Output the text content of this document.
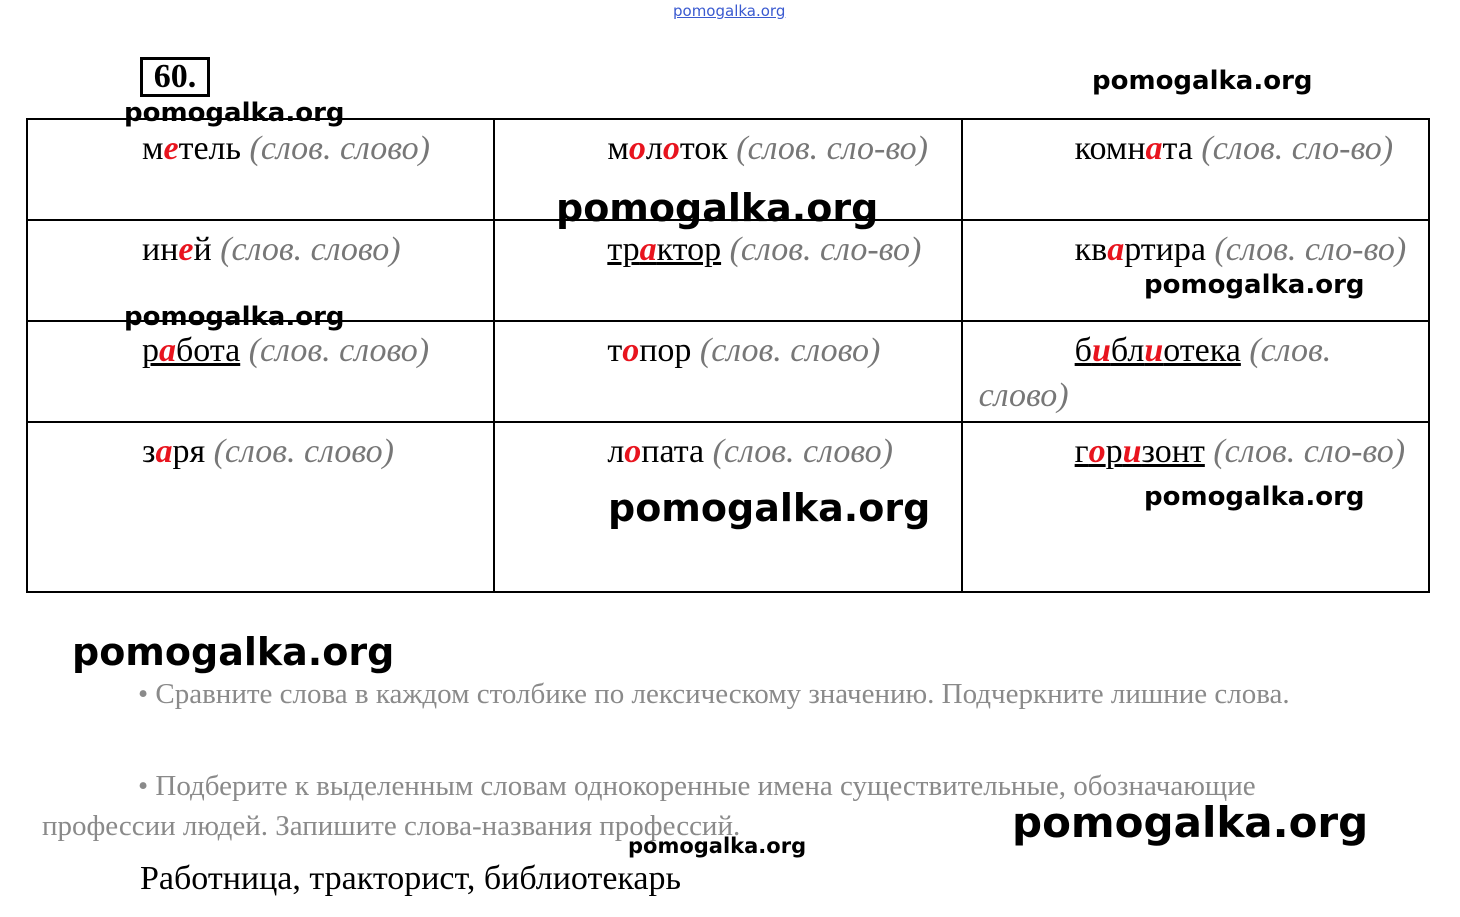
pomogalka.org
60.	pomogalka.org
pomogalka.org
метель (слов. слово)	молоток (слов. сло-во)	комната (слов. сло-во)
иней (слов. слово)	трактор (слов. сло-во)	квартира (слов. сло-во)
работа (слов. слово)	топор (слов. слово)	библиотека (слов. слово)
заря (слов. слово)	лопата (слов. слово)	горизонт (слов. сло-во)
pomogalka.org
pomogalka.org
pomogalka.org
pomogalka.org
pomogalka.org
pomogalka.org
• Сравните слова в каждом столбике по лексическому значению. Подчеркните лишние слова.
• Подберите к выделенным словам однокоренные имена существительные, обозначающие профессии людей. Запишите слова-названия профессий.	pomogalka.org
pomogalka.org
Работница, тракторист, библиотекарь
